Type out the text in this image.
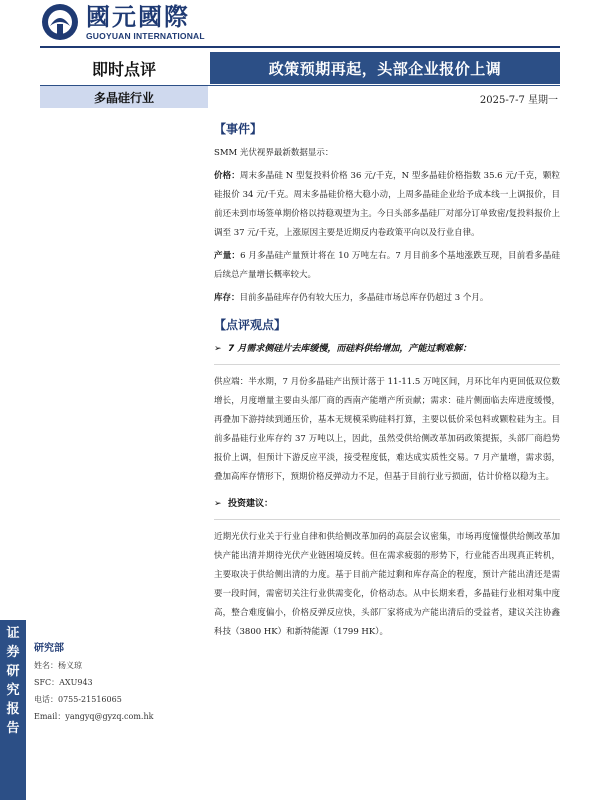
國元國際
GUOYUAN INTERNATIONAL
即时点评	政策预期再起，头部企业报价上调
多晶硅行业	2025-7-7 星期一
证
券
研
究
报
告
研究部
姓名：杨义琼
SFC：AXU943
电话：0755-21516065
Email：yangyq@gyzq.com.hk
【事件】

SMM 光伏视界最新数据显示：

价格：周末多晶硅 N 型复投料价格 36 元/千克，N 型多晶硅价格指数 35.6 元/千克，颗粒硅报价 34 元/千克。周末多晶硅价格大稳小动，上周多晶硅企业给予成本线一上调报价，目前还未到市场签单期价格以持稳观望为主。今日头部多晶硅厂对部分订单致密/复投料报价上调至 37 元/千克，上涨原因主要是近期反内卷政策平向以及行业自律。

产量：6 月多晶硅产量预计将在 10 万吨左右。7 月目前多个基地涨跌互现，目前看多晶硅后续总产量增长概率较大。

库存：目前多晶硅库存仍有较大压力，多晶硅市场总库存仍超过 3 个月。

【点评观点】
➢ 7 月需求侧硅片去库缓慢，而硅料供给增加，产能过剩难解：

供应端：半水期，7 月份多晶硅产出预计落于 11-11.5 万吨区间，月环比年内更回低双位数增长，月度增量主要由头部厂商的西南产能增产所贡献；需求：硅片侧面临去库进度缓慢，再叠加下游持续到通压价，基本无规模采购硅料打算，主要以低价采包料或颗粒硅为主。目前多晶硅行业库存约 37 万吨以上，因此，虽然受供给侧改革加码政策提振，头部厂商趋势报价上调，但预计下游反应平淡，接受程度低，难达成实质性交易。7 月产量增，需求弱，叠加高库存情形下，预期价格反弹动力不足，但基于目前行业亏损面，估计价格以稳为主。

➢ 投资建议：

近期光伏行业关于行业自律和供给侧改革加码的高层会议密集，市场再度憧憬供给侧改革加快产能出清并期待光伏产业链困境反转。但在需求疲弱的形势下，行业能否出现真正转机，主要取决于供给侧出清的力度。基于目前产能过剩和库存高企的程度，预计产能出清还是需要一段时间，需密切关注行业供需变化，价格动态。从中长期来看，多晶硅行业相对集中度高，整合难度偏小，价格反弹反应快，头部厂家将成为产能出清后的受益者，建议关注协鑫科技（3800 HK）和新特能源（1799 HK）。
